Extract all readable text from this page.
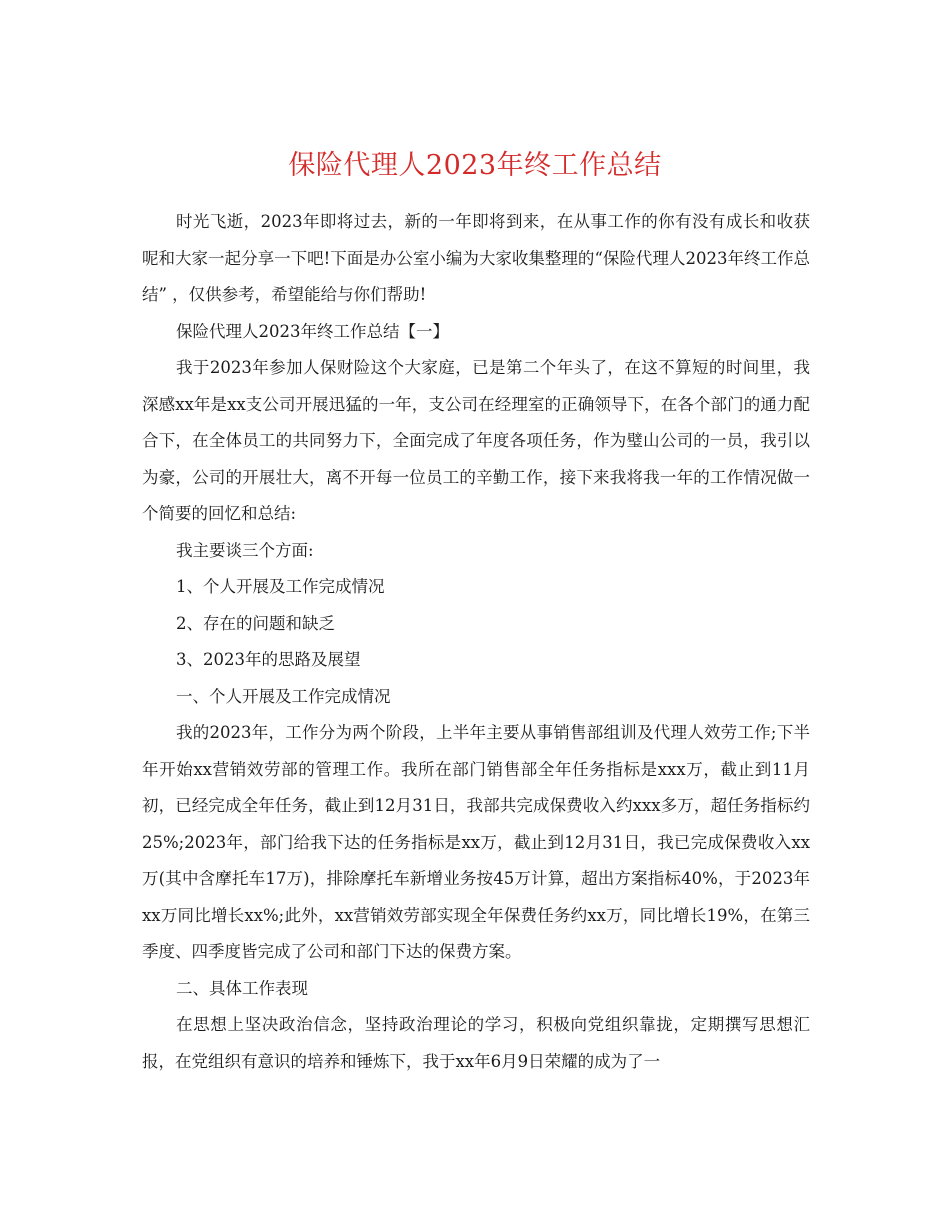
保险代理人2023年终工作总结

时光飞逝，2023年即将过去，新的一年即将到来，在从事工作的你有没有成长和收获呢和大家一起分享一下吧!下面是办公室小编为大家收集整理的“保险代理人2023年终工作总结” ，仅供参考，希望能给与你们帮助!

保险代理人2023年终工作总结【一】

我于2023年参加人保财险这个大家庭，已是第二个年头了，在这不算短的时间里，我深感xx年是xx支公司开展迅猛的一年，支公司在经理室的正确领导下，在各个部门的通力配合下，在全体员工的共同努力下，全面完成了年度各项任务，作为璧山公司的一员，我引以为豪，公司的开展壮大，离不开每一位员工的辛勤工作，接下来我将我一年的工作情况做一个简要的回忆和总结:

我主要谈三个方面:

1、个人开展及工作完成情况

2、存在的问题和缺乏

3、2023年的思路及展望

一、个人开展及工作完成情况

我的2023年，工作分为两个阶段，上半年主要从事销售部组训及代理人效劳工作;下半年开始xx营销效劳部的管理工作。我所在部门销售部全年任务指标是xxx万，截止到11月初，已经完成全年任务，截止到12月31日，我部共完成保费收入约xxx多万，超任务指标约25%;2023年，部门给我下达的任务指标是xx万，截止到12月31日，我已完成保费收入xx万(其中含摩托车17万)，排除摩托车新增业务按45万计算，超出方案指标40%，于2023年xx万同比增长xx%;此外，xx营销效劳部实现全年保费任务约xx万，同比增长19%，在第三季度、四季度皆完成了公司和部门下达的保费方案。

二、具体工作表现

在思想上坚决政治信念，坚持政治理论的学习，积极向党组织靠拢，定期撰写思想汇报，在党组织有意识的培养和锤炼下，我于xx年6月9日荣耀的成为了一
